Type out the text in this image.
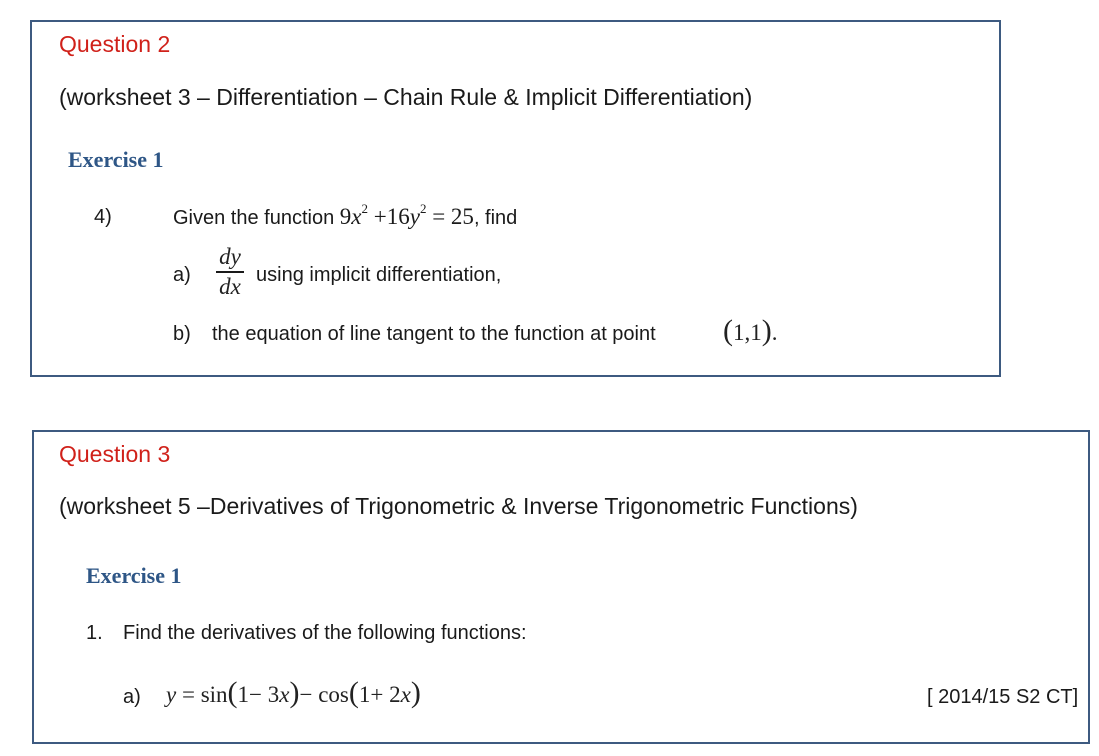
Question 2
(worksheet 3 – Differentiation – Chain Rule & Implicit Differentiation)
Exercise 1
4)	Given the function $9x^2 +16y^2 = 25$, find
a)
dy
dx using implicit differentiation,
b) the equation of line tangent to the function at point (1,1).
Question 3
(worksheet 5 –Derivatives of Trigonometric & Inverse Trigonometric Functions)
Exercise 1
1. Find the derivatives of the following functions:
a) y = sin(1− 3x)− cos(1+ 2x)	[ 2014/15 S2 CT]
